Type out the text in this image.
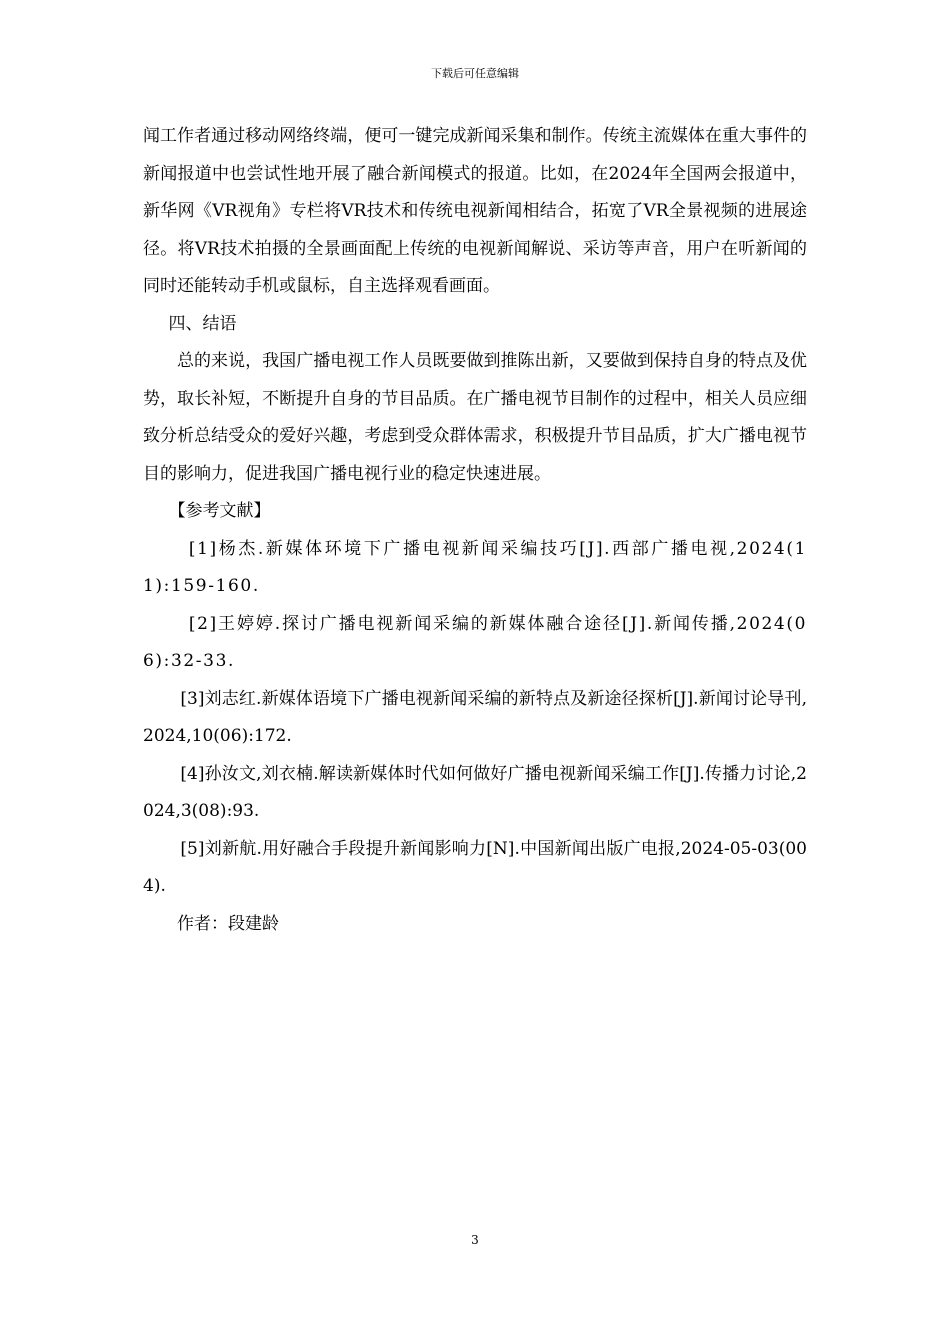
下载后可任意编辑

闻工作者通过移动网络终端，便可一键完成新闻采集和制作。传统主流媒体在重大事件的新闻报道中也尝试性地开展了融合新闻模式的报道。比如，在2024年全国两会报道中，新华网《VR视角》专栏将VR技术和传统电视新闻相结合，拓宽了VR全景视频的进展途径。将VR技术拍摄的全景画面配上传统的电视新闻解说、采访等声音，用户在听新闻的同时还能转动手机或鼠标，自主选择观看画面。

四、结语

总的来说，我国广播电视工作人员既要做到推陈出新，又要做到保持自身的特点及优势，取长补短，不断提升自身的节目品质。在广播电视节目制作的过程中，相关人员应细致分析总结受众的爱好兴趣，考虑到受众群体需求，积极提升节目品质，扩大广播电视节目的影响力，促进我国广播电视行业的稳定快速进展。

【参考文献】

[1]杨杰.新媒体环境下广播电视新闻采编技巧[J].西部广播电视,2024(11):159-160.

[2]王婷婷.探讨广播电视新闻采编的新媒体融合途径[J].新闻传播,2024(06):32-33.

[3]刘志红.新媒体语境下广播电视新闻采编的新特点及新途径探析[J].新闻讨论导刊,2024,10(06):172.

[4]孙汝文,刘衣楠.解读新媒体时代如何做好广播电视新闻采编工作[J].传播力讨论,2024,3(08):93.

[5]刘新航.用好融合手段提升新闻影响力[N].中国新闻出版广电报,2024-05-03(004).

作者：段建龄

3
